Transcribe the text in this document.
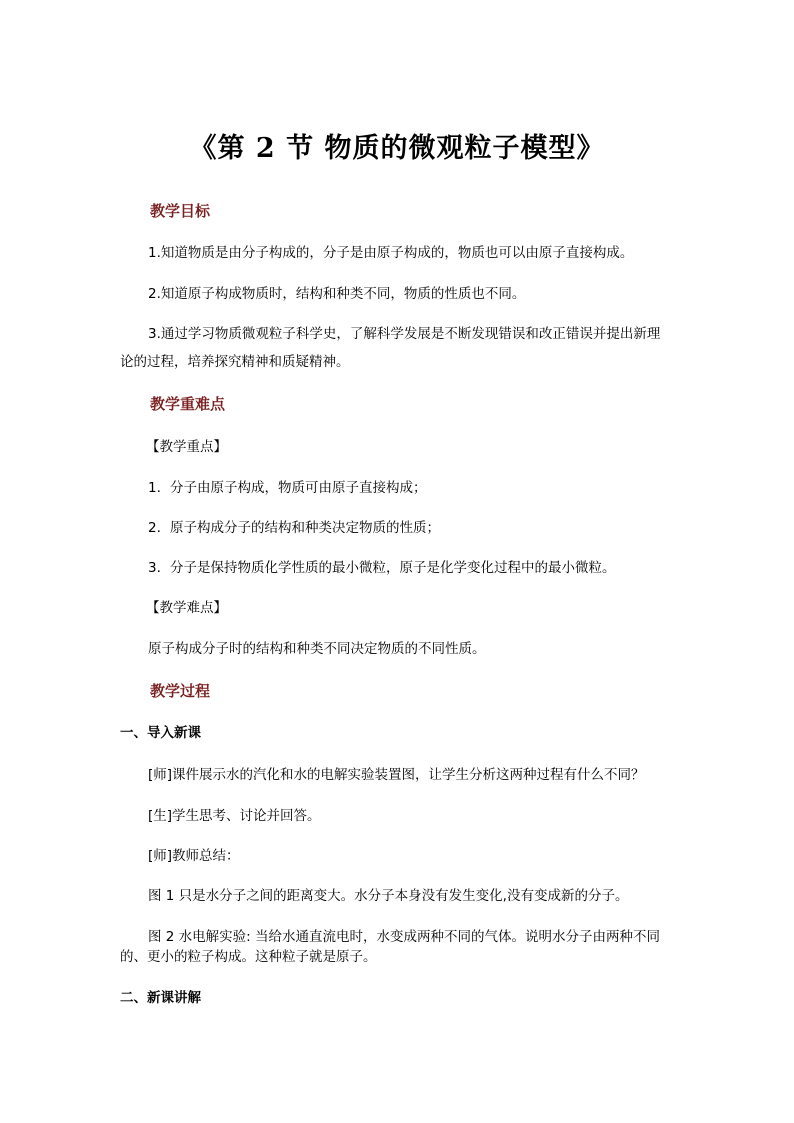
《第 2 节 物质的微观粒子模型》
教学目标
1.知道物质是由分子构成的，分子是由原子构成的，物质也可以由原子直接构成。
2.知道原子构成物质时，结构和种类不同，物质的性质也不同。
3.通过学习物质微观粒子科学史，了解科学发展是不断发现错误和改正错误并提出新理
论的过程，培养探究精神和质疑精神。
教学重难点
【教学重点】
1. 分子由原子构成，物质可由原子直接构成；
2. 原子构成分子的结构和种类决定物质的性质；
3. 分子是保持物质化学性质的最小微粒，原子是化学变化过程中的最小微粒。
【教学难点】
原子构成分子时的结构和种类不同决定物质的不同性质。
教学过程
一、导入新课
[师]课件展示水的汽化和水的电解实验装置图，让学生分析这两种过程有什么不同？
[生]学生思考、讨论并回答。
[师]教师总结：
图 1 只是水分子之间的距离变大。水分子本身没有发生变化,没有变成新的分子。
图 2 水电解实验: 当给水通直流电时，水变成两种不同的气体。说明水分子由两种不同
的、更小的粒子构成。这种粒子就是原子。
二、新课讲解
